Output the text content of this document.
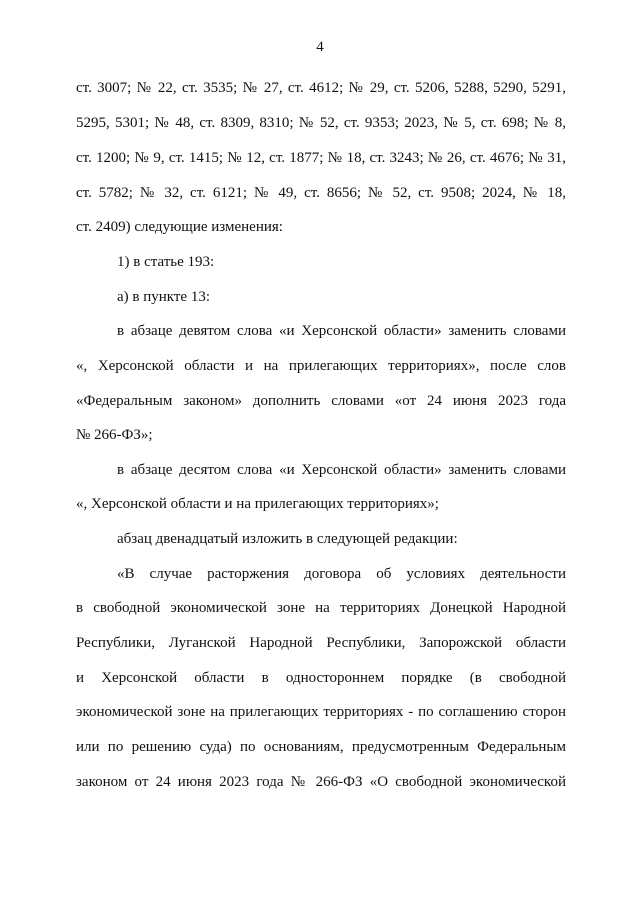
4
ст. 3007; № 22, ст. 3535; № 27, ст. 4612; № 29, ст. 5206, 5288, 5290, 5291,
5295, 5301; № 48, ст. 8309, 8310; № 52, ст. 9353; 2023, № 5, ст. 698; № 8,
ст. 1200; № 9, ст. 1415; № 12, ст. 1877; № 18, ст. 3243; № 26, ст. 4676; № 31,
ст. 5782; № 32, ст. 6121; № 49, ст. 8656; № 52, ст. 9508; 2024, № 18,
ст. 2409) следующие изменения:
1) в статье 193:
а) в пункте 13:
в абзаце девятом слова «и Херсонской области» заменить словами
«, Херсонской области и на прилегающих территориях», после слов
«Федеральным законом» дополнить словами «от 24 июня 2023 года
№ 266-ФЗ»;
в абзаце десятом слова «и Херсонской области» заменить словами
«, Херсонской области и на прилегающих территориях»;
абзац двенадцатый изложить в следующей редакции:
«В случае расторжения договора об условиях деятельности
в свободной экономической зоне на территориях Донецкой Народной
Республики, Луганской Народной Республики, Запорожской области
и Херсонской области в одностороннем порядке (в свободной
экономической зоне на прилегающих территориях - по соглашению сторон
или по решению суда) по основаниям, предусмотренным Федеральным
законом от 24 июня 2023 года № 266-ФЗ «О свободной экономической
